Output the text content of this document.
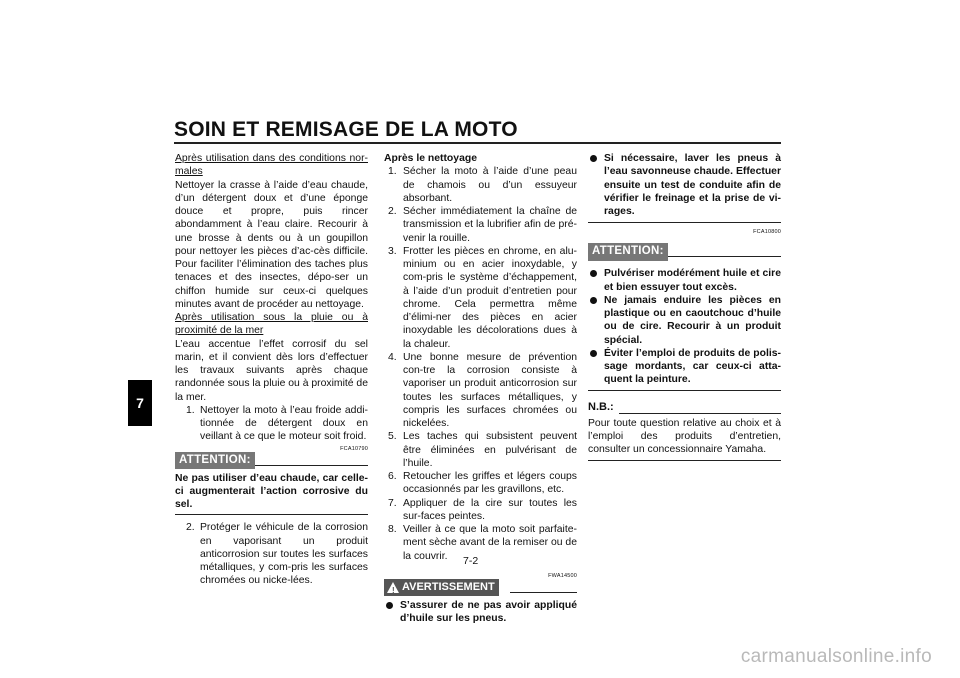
SOIN ET REMISAGE DE LA MOTO
7

Après utilisation dans des conditions nor-males

Nettoyer la crasse à l’aide d’eau chaude, d’un détergent doux et d’une éponge douce et propre, puis rincer abondamment à l’eau claire. Recourir à une brosse à dents ou à un goupillon pour nettoyer les pièces d’ac-cès difficile. Pour faciliter l’élimination des taches plus tenaces et des insectes, dépo-ser un chiffon humide sur ceux-ci quelques minutes avant de procéder au nettoyage.

Après utilisation sous la pluie ou à proximité de la mer

L’eau accentue l’effet corrosif du sel marin, et il convient dès lors d’effectuer les travaux suivants après chaque randonnée sous la pluie ou à proximité de la mer.

1. Nettoyer la moto à l’eau froide addi-tionnée de détergent doux en veillant à ce que le moteur soit froid.
ATTENTION:
FCA10790

Ne pas utiliser d’eau chaude, car celle-ci augmenterait l’action corrosive du sel.

2. Protéger le véhicule de la corrosion en vaporisant un produit anticorrosion sur toutes les surfaces métalliques, y com-pris les surfaces chromées ou nicke-lées.

Après le nettoyage

1. Sécher la moto à l’aide d’une peau de chamois ou d’un essuyeur absorbant.
2. Sécher immédiatement la chaîne de transmission et la lubrifier afin de pré-venir la rouille.
3. Frotter les pièces en chrome, en alu-minium ou en acier inoxydable, y com-pris le système d’échappement, à l’aide d’un produit d’entretien pour chrome. Cela permettra même d’élimi-ner des pièces en acier inoxydable les décolorations dues à la chaleur.
4. Une bonne mesure de prévention con-tre la corrosion consiste à vaporiser un produit anticorrosion sur toutes les surfaces métalliques, y compris les surfaces chromées ou nickelées.
5. Les taches qui subsistent peuvent être éliminées en pulvérisant de l’huile.
6. Retoucher les griffes et légers coups occasionnés par les gravillons, etc.
7. Appliquer de la cire sur toutes les sur-faces peintes.
8. Veiller à ce que la moto soit parfaite-ment sèche avant de la remiser ou de la couvrir.
! AVERTISSEMENT
FWA14500
S’assurer de ne pas avoir appliqué d’huile sur les pneus.
Si nécessaire, laver les pneus à l’eau savonneuse chaude. Effectuer ensuite un test de conduite afin de vérifier le freinage et la prise de vi-rages.
FCA10800
ATTENTION:
Pulvériser modérément huile et cire et bien essuyer tout excès.
Ne jamais enduire les pièces en plastique ou en caoutchouc d’huile ou de cire. Recourir à un produit spécial.
Éviter l’emploi de produits de polis-sage mordants, car ceux-ci atta-quent la peinture.
N.B.:

Pour toute question relative au choix et à l’emploi des produits d’entretien, consulter un concessionnaire Yamaha.

7-2
carmanualsonline.info
